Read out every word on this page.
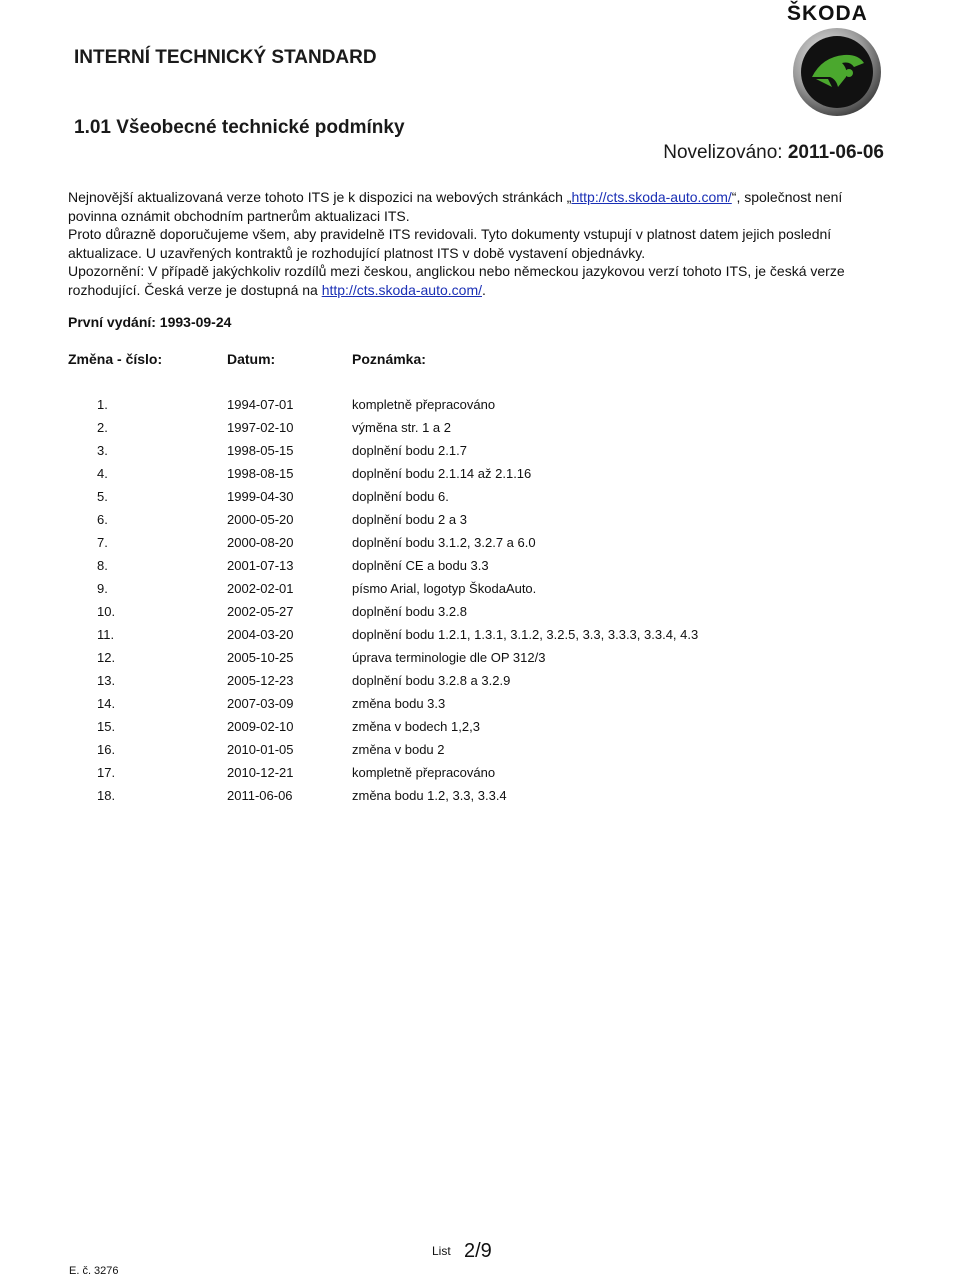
ŠKODA
INTERNÍ TECHNICKÝ STANDARD
1.01 Všeobecné technické podmínky
Novelizováno: 2011-06-06

Nejnovější aktualizovaná verze tohoto ITS je k dispozici na webových stránkách „http://cts.skoda-auto.com/“, společnost není povinna oznámit obchodním partnerům aktualizaci ITS.

Proto důrazně doporučujeme všem, aby pravidelně ITS revidovali. Tyto dokumenty vstupují v platnost datem jejich poslední aktualizace. U uzavřených kontraktů je rozhodující platnost ITS v době vystavení objednávky.

Upozornění: V případě jakýchkoliv rozdílů mezi českou, anglickou nebo německou jazykovou verzí tohoto ITS, je česká verze rozhodující. Česká verze je dostupná na http://cts.skoda-auto.com/.

První vydání: 1993-09-24
Změna - číslo:	Datum:	Poznámka:
1.	1994-07-01	kompletně přepracováno
2.	1997-02-10	výměna str. 1 a 2
3.	1998-05-15	doplnění bodu 2.1.7
4.	1998-08-15	doplnění bodu 2.1.14 až 2.1.16
5.	1999-04-30	doplnění bodu 6.
6.	2000-05-20	doplnění bodu 2 a 3
7.	2000-08-20	doplnění bodu 3.1.2, 3.2.7 a 6.0
8.	2001-07-13	doplnění CE a bodu 3.3
9.	2002-02-01	písmo Arial, logotyp ŠkodaAuto.
10.	2002-05-27	doplnění bodu 3.2.8
11.	2004-03-20	doplnění bodu 1.2.1, 1.3.1, 3.1.2, 3.2.5, 3.3, 3.3.3, 3.3.4, 4.3
12.	2005-10-25	úprava terminologie dle OP 312/3
13.	2005-12-23	doplnění bodu 3.2.8 a 3.2.9
14.	2007-03-09	změna bodu 3.3
15.	2009-02-10	změna v bodech 1,2,3
16.	2010-01-05	změna v bodu 2
17.	2010-12-21	kompletně přepracováno
18.	2011-06-06	změna bodu 1.2, 3.3, 3.3.4
E. č. 3276
List 2/9
